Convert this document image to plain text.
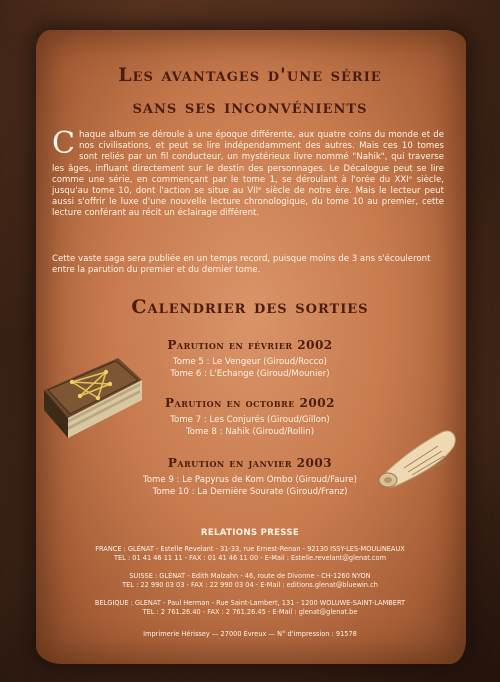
Les avantages d'une série
sans ses inconvénients
Chaque album se déroule à une époque différente, aux quatre coins du monde et de nos civilisations, et peut se lire indépendamment des autres. Mais ces 10 tomes sont reliés par un fil conducteur, un mystérieux livre nommé "Nahik", qui traverse les âges, influant directement sur le destin des personnages. Le Décalogue peut se lire comme une série, en commençant par le tome 1, se déroulant à l'orée du XXIᵉ siècle, jusqu'au tome 10, dont l'action se situe au VIIᵉ siècle de notre ère. Mais le lecteur peut aussi s'offrir le luxe d'une nouvelle lecture chronologique, du tome 10 au premier, cette lecture conférant au récit un éclairage différent.
Cette vaste saga sera publiée en un temps record, puisque moins de 3 ans s'écouleront entre la parution du premier et du dernier tome.
Calendrier des sorties
Parution en février 2002
Tome 5 : Le Vengeur (Giroud/Rocco)
Tome 6 : L'Echange (Giroud/Mounier)
Parution en octobre 2002
Tome 7 : Les Conjurés (Giroud/Gillon)
Tome 8 : Nahik (Giroud/Rollin)
Parution en janvier 2003
Tome 9 : Le Papyrus de Kom Ombo (Giroud/Faure)
Tome 10 : La Dernière Sourate (Giroud/Franz)
RELATIONS PRESSE
FRANCE : GLÉNAT - Estelle Revelant - 31-33, rue Ernest-Renan - 92130 ISSY-LES-MOULINEAUX
TEL : 01 41 46 11 11 - FAX : 01 41 46 11 00 - E-Mail : Estelle.revelant@glenat.com
SUISSE : GLÉNAT - Edith Malzahn - 46, route de Divonne - CH-1260 NYON
TEL : 22 990 03 03 - FAX : 22 990 03 04 - E-Mail : editions.glenat@bluewin.ch
BELGIQUE : GLENAT - Paul Herman - Rue Saint-Lambert, 131 - 1200 WOLUWE-SAINT-LAMBERT
TEL : 2 761.26.40 - FAX : 2 761.26.45 - E-Mail : glenat@glenat.be
Imprimerie Hérissey — 27000 Évreux — N° d'impression : 91578
